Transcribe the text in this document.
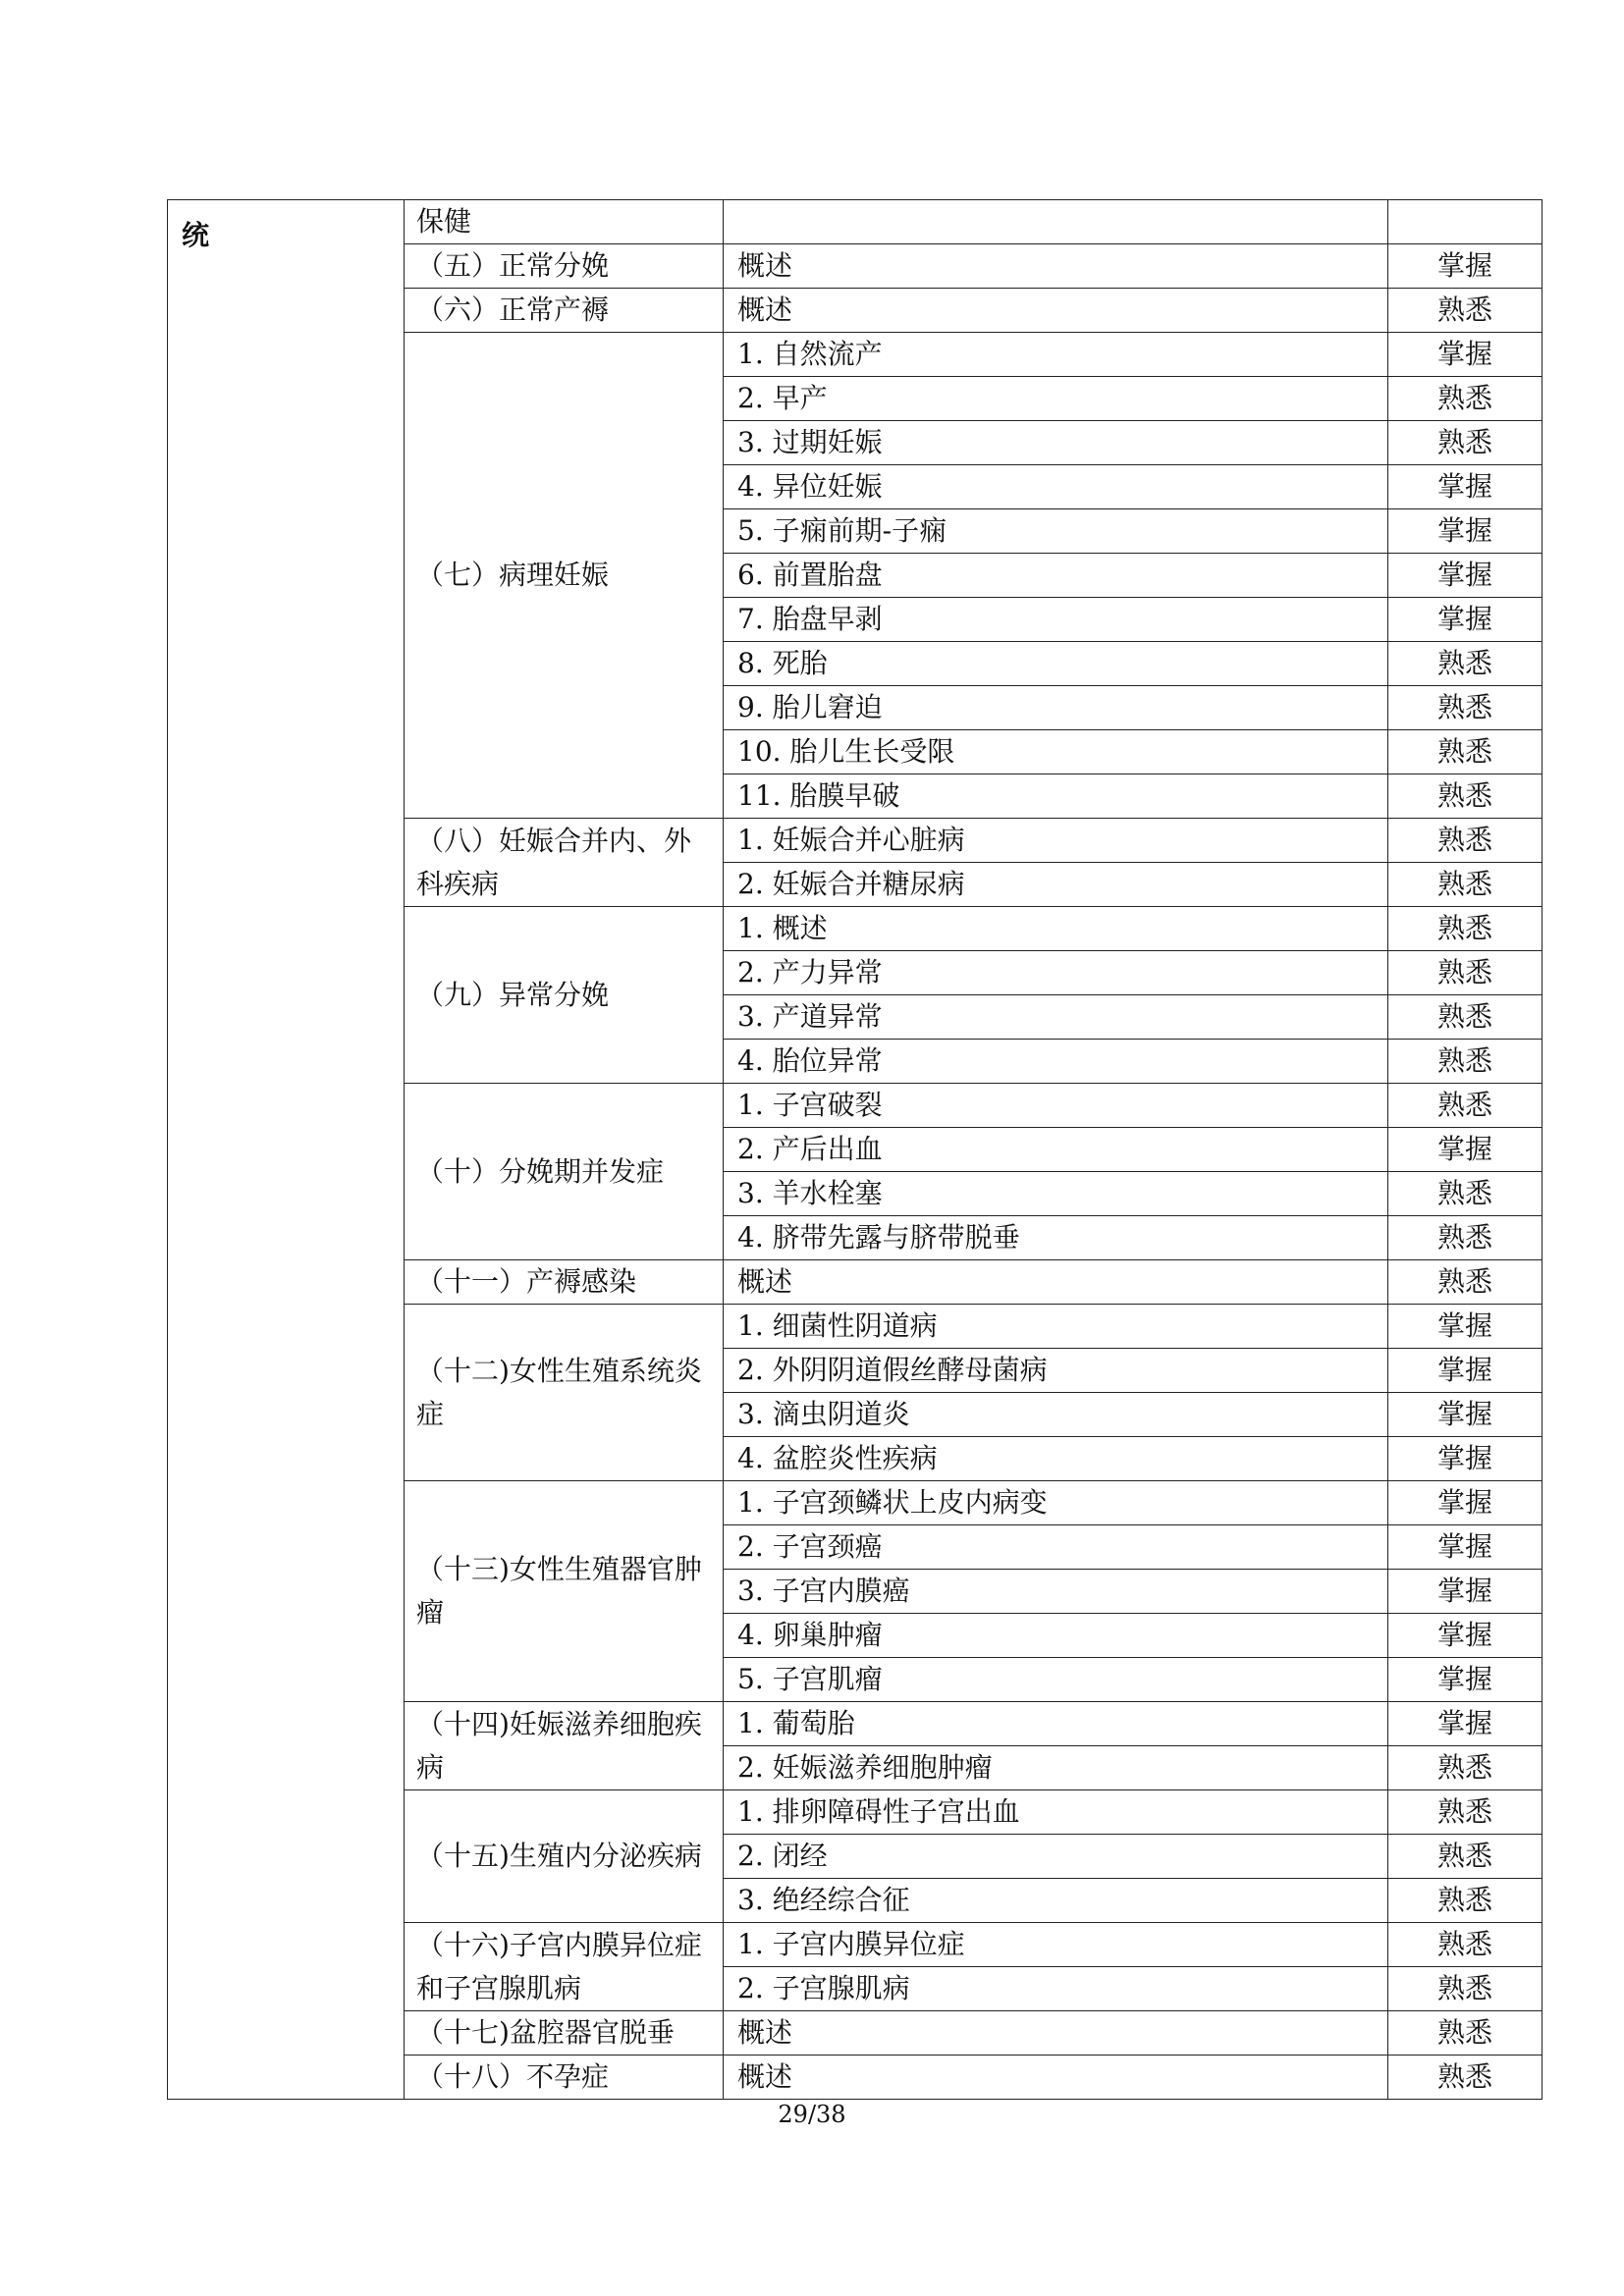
统	保健		
	（五）正常分娩	概述	掌握
	（六）正常产褥	概述	熟悉
	（七）病理妊娠	1. 自然流产	掌握
		2. 早产	熟悉
		3. 过期妊娠	熟悉
		4. 异位妊娠	掌握
		5. 子痫前期-子痫	掌握
		6. 前置胎盘	掌握
		7. 胎盘早剥	掌握
		8. 死胎	熟悉
		9. 胎儿窘迫	熟悉
		10. 胎儿生长受限	熟悉
		11. 胎膜早破	熟悉
	（八）妊娠合并内、外科疾病	1. 妊娠合并心脏病	熟悉
		2. 妊娠合并糖尿病	熟悉
	（九）异常分娩	1. 概述	熟悉
		2. 产力异常	熟悉
		3. 产道异常	熟悉
		4. 胎位异常	熟悉
	（十）分娩期并发症	1. 子宫破裂	熟悉
		2. 产后出血	掌握
		3. 羊水栓塞	熟悉
		4. 脐带先露与脐带脱垂	熟悉
	（十一）产褥感染	概述	熟悉
	（十二)女性生殖系统炎症	1. 细菌性阴道病	掌握
		2. 外阴阴道假丝酵母菌病	掌握
		3. 滴虫阴道炎	掌握
		4. 盆腔炎性疾病	掌握
	（十三)女性生殖器官肿瘤	1. 子宫颈鳞状上皮内病变	掌握
		2. 子宫颈癌	掌握
		3. 子宫内膜癌	掌握
		4. 卵巢肿瘤	掌握
		5. 子宫肌瘤	掌握
	（十四)妊娠滋养细胞疾病	1. 葡萄胎	掌握
		2. 妊娠滋养细胞肿瘤	熟悉
	（十五)生殖内分泌疾病	1. 排卵障碍性子宫出血	熟悉
		2. 闭经	熟悉
		3. 绝经综合征	熟悉
	（十六)子宫内膜异位症和子宫腺肌病	1. 子宫内膜异位症	熟悉
		2. 子宫腺肌病	熟悉
	（十七)盆腔器官脱垂	概述	熟悉
	（十八）不孕症	概述	熟悉
29/38
